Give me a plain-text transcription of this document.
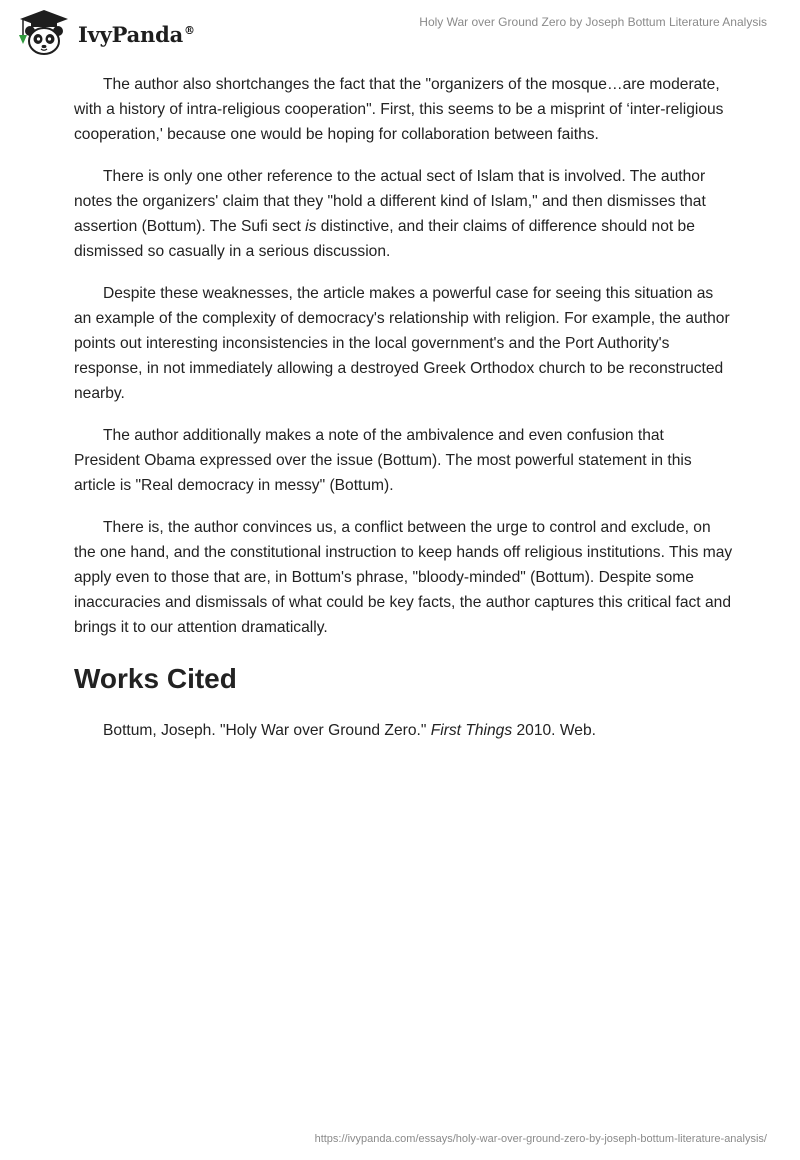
IvyPanda®
Holy War over Ground Zero by Joseph Bottum Literature Analysis

The author also shortchanges the fact that the "organizers of the mosque…are moderate, with a history of intra-religious cooperation". First, this seems to be a misprint of ‘inter-religious cooperation,' because one would be hoping for collaboration between faiths.

There is only one other reference to the actual sect of Islam that is involved. The author notes the organizers' claim that they "hold a different kind of Islam," and then dismisses that assertion (Bottum). The Sufi sect is distinctive, and their claims of difference should not be dismissed so casually in a serious discussion.

Despite these weaknesses, the article makes a powerful case for seeing this situation as an example of the complexity of democracy's relationship with religion. For example, the author points out interesting inconsistencies in the local government's and the Port Authority's response, in not immediately allowing a destroyed Greek Orthodox church to be reconstructed nearby.

The author additionally makes a note of the ambivalence and even confusion that President Obama expressed over the issue (Bottum). The most powerful statement in this article is "Real democracy in messy" (Bottum).

There is, the author convinces us, a conflict between the urge to control and exclude, on the one hand, and the constitutional instruction to keep hands off religious institutions. This may apply even to those that are, in Bottum's phrase, "bloody-minded" (Bottum). Despite some inaccuracies and dismissals of what could be key facts, the author captures this critical fact and brings it to our attention dramatically.

Works Cited

Bottum, Joseph. "Holy War over Ground Zero." First Things 2010. Web.

https://ivypanda.com/essays/holy-war-over-ground-zero-by-joseph-bottum-literature-analysis/
